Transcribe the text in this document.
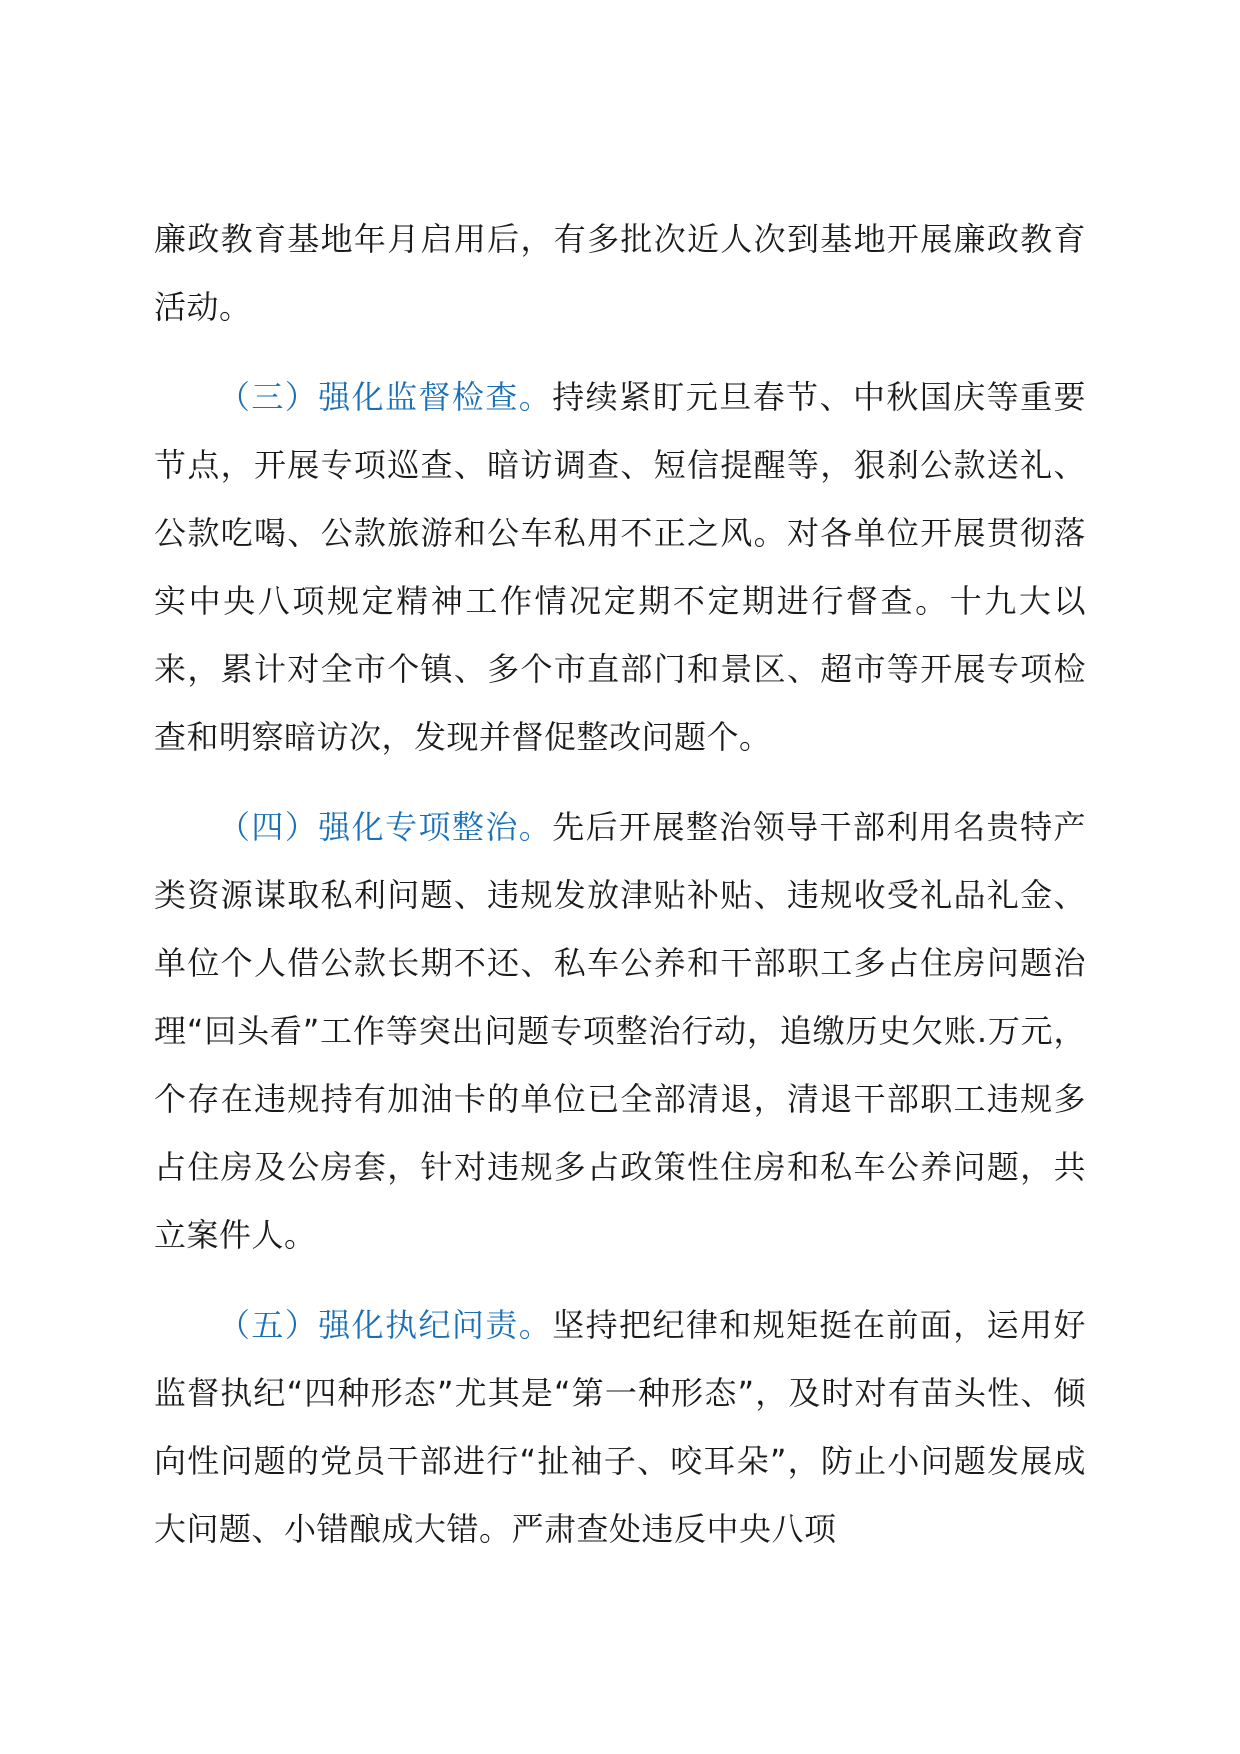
廉政教育基地年月启用后，有多批次近人次到基地开展廉政教育活动。

（三）强化监督检查。持续紧盯元旦春节、中秋国庆等重要节点，开展专项巡查、暗访调查、短信提醒等，狠刹公款送礼、公款吃喝、公款旅游和公车私用不正之风。对各单位开展贯彻落实中央八项规定精神工作情况定期不定期进行督查。十九大以来，累计对全市个镇、多个市直部门和景区、超市等开展专项检查和明察暗访次，发现并督促整改问题个。

（四）强化专项整治。先后开展整治领导干部利用名贵特产类资源谋取私利问题、违规发放津贴补贴、违规收受礼品礼金、单位个人借公款长期不还、私车公养和干部职工多占住房问题治理“回头看”工作等突出问题专项整治行动，追缴历史欠账.万元，个存在违规持有加油卡的单位已全部清退，清退干部职工违规多占住房及公房套，针对违规多占政策性住房和私车公养问题，共立案件人。

（五）强化执纪问责。坚持把纪律和规矩挺在前面，运用好监督执纪“四种形态”尤其是“第一种形态”，及时对有苗头性、倾向性问题的党员干部进行“扯袖子、咬耳朵”，防止小问题发展成大问题、小错酿成大错。严肃查处违反中央八项
